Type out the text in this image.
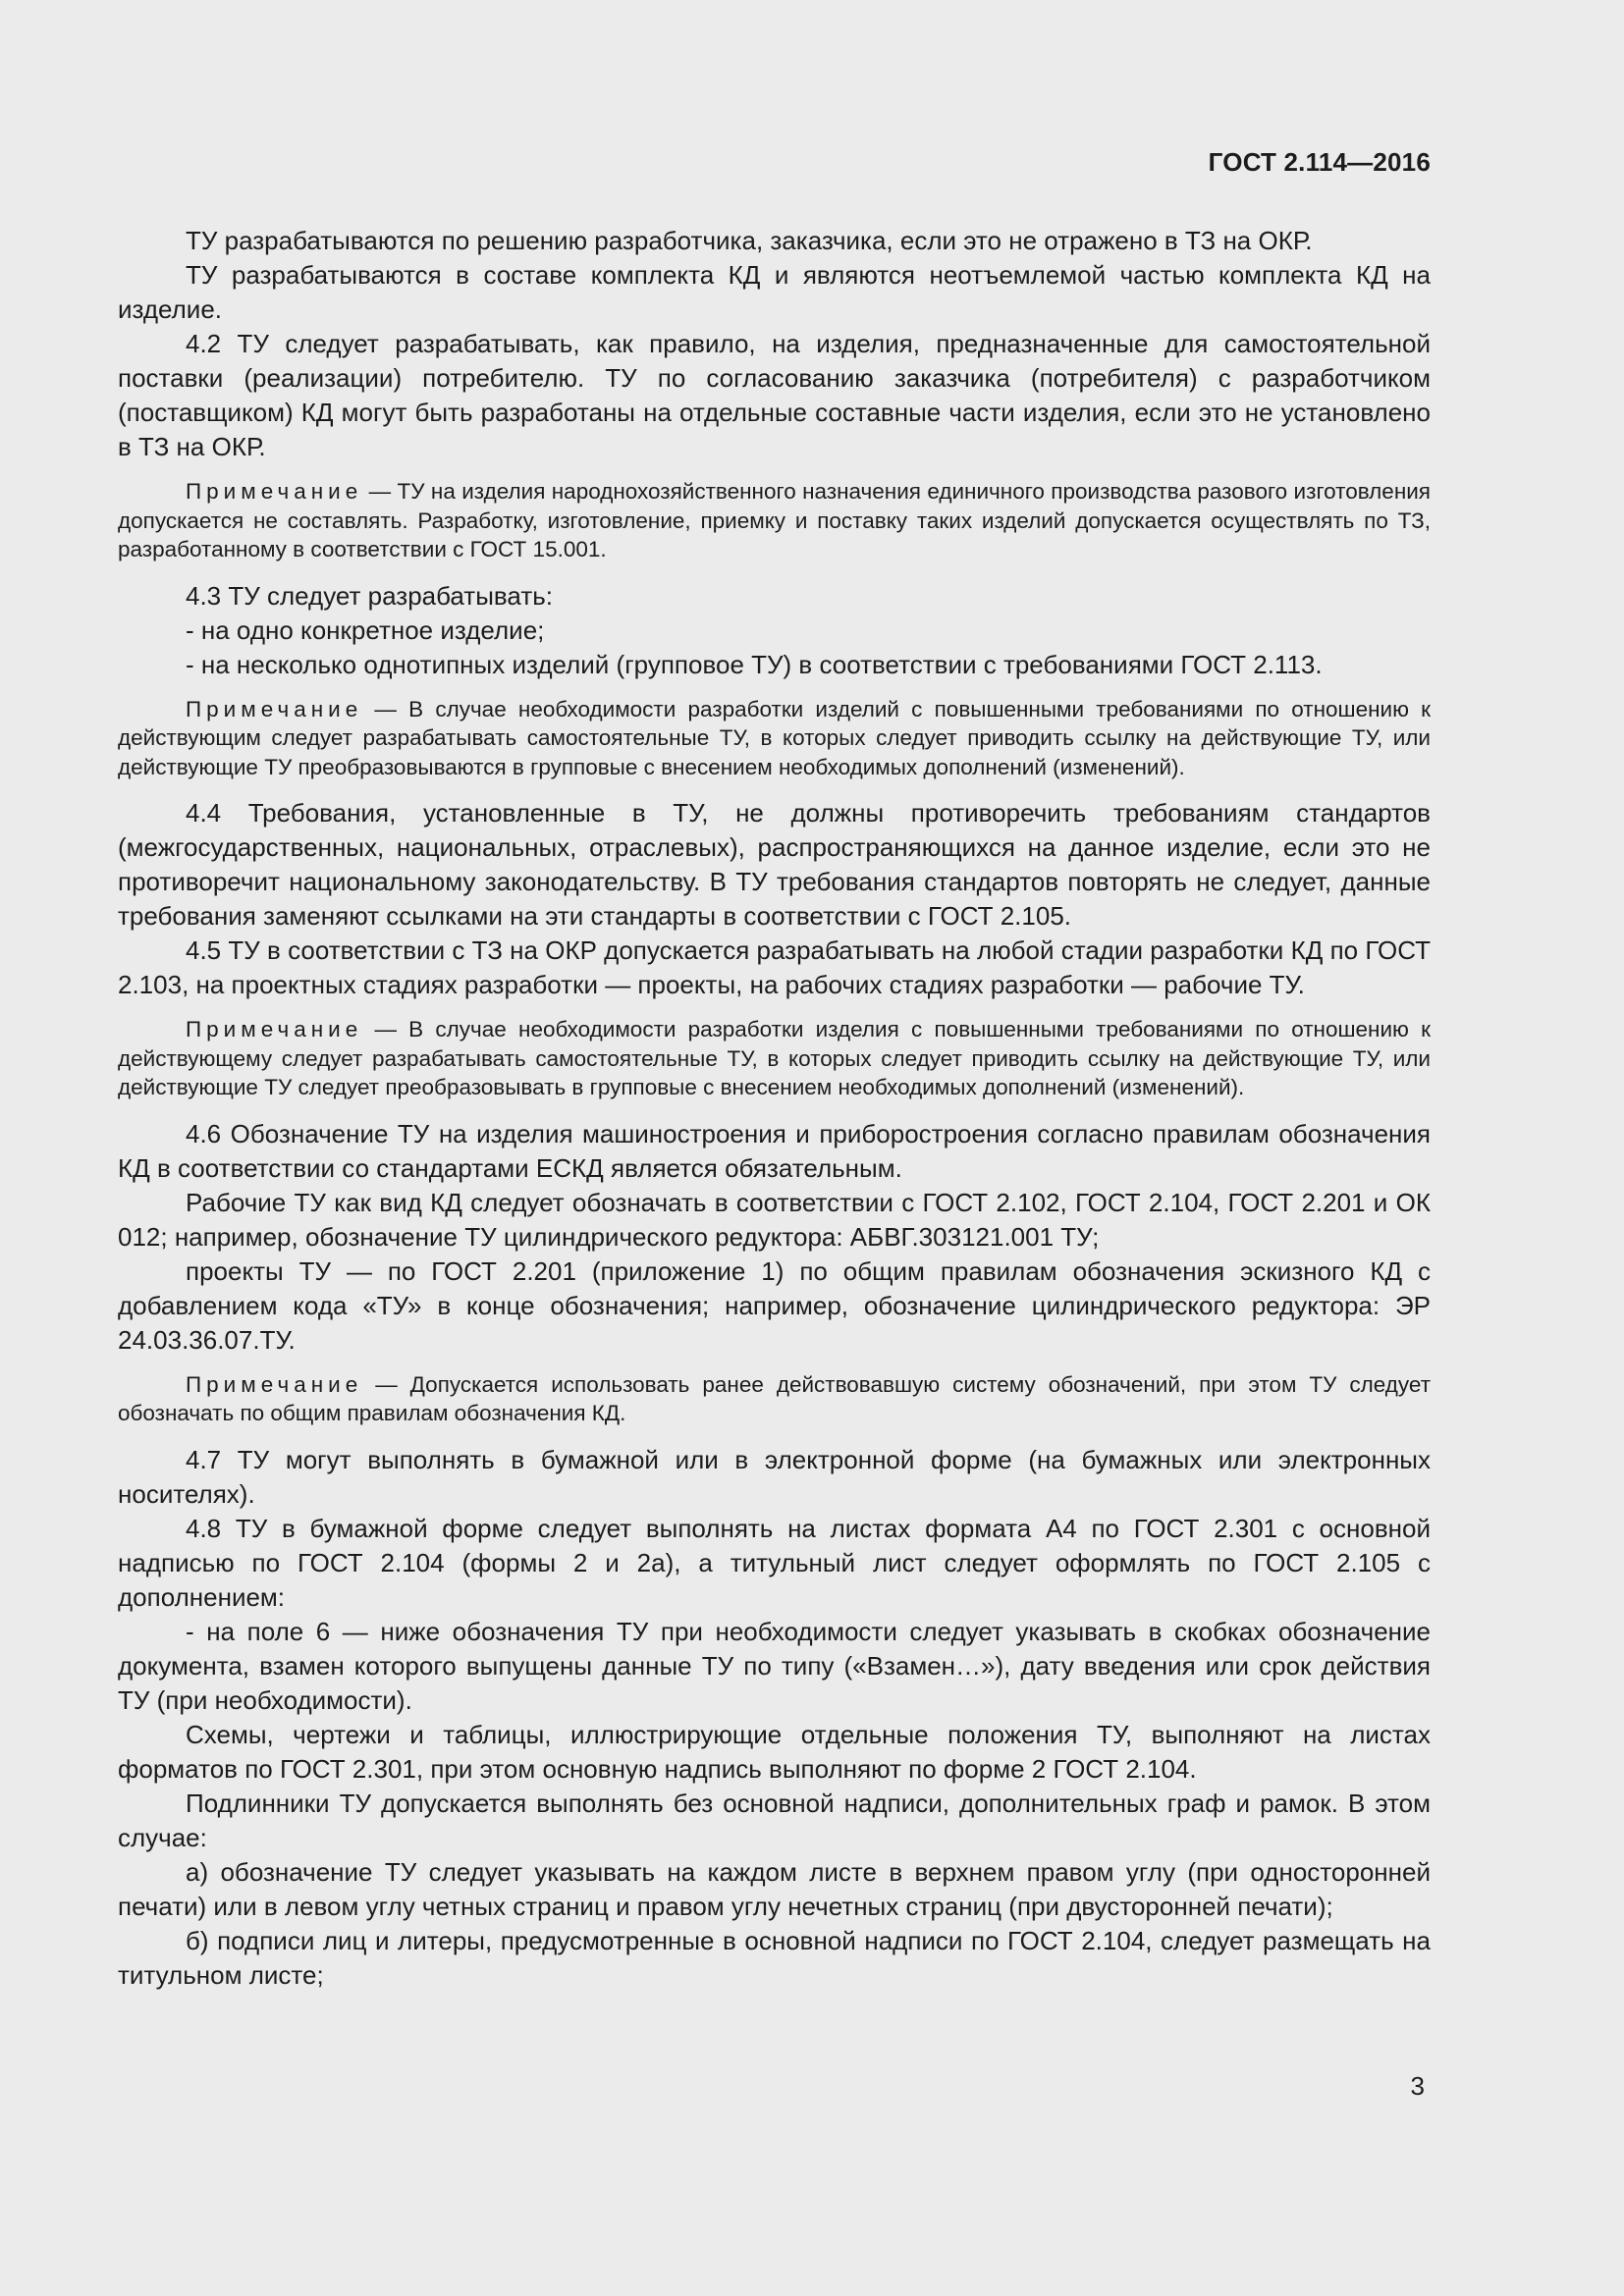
ГОСТ 2.114—2016

ТУ разрабатываются по решению разработчика, заказчика, если это не отражено в ТЗ на ОКР.

ТУ разрабатываются в составе комплекта КД и являются неотъемлемой частью комплекта КД на изделие.

4.2 ТУ следует разрабатывать, как правило, на изделия, предназначенные для самостоятельной поставки (реализации) потребителю. ТУ по согласованию заказчика (потребителя) с разработчиком (поставщиком) КД могут быть разработаны на отдельные составные части изделия, если это не установлено в ТЗ на ОКР.

Примечание — ТУ на изделия народнохозяйственного назначения единичного производства разового изготовления допускается не составлять. Разработку, изготовление, приемку и поставку таких изделий допускается осуществлять по ТЗ, разработанному в соответствии с ГОСТ 15.001.

4.3 ТУ следует разрабатывать:

- на одно конкретное изделие;

- на несколько однотипных изделий (групповое ТУ) в соответствии с требованиями ГОСТ 2.113.

Примечание — В случае необходимости разработки изделий с повышенными требованиями по отношению к действующим следует разрабатывать самостоятельные ТУ, в которых следует приводить ссылку на действующие ТУ, или действующие ТУ преобразовываются в групповые с внесением необходимых дополнений (изменений).

4.4 Требования, установленные в ТУ, не должны противоречить требованиям стандартов (межгосударственных, национальных, отраслевых), распространяющихся на данное изделие, если это не противоречит национальному законодательству. В ТУ требования стандартов повторять не следует, данные требования заменяют ссылками на эти стандарты в соответствии с ГОСТ 2.105.

4.5 ТУ в соответствии с ТЗ на ОКР допускается разрабатывать на любой стадии разработки КД по ГОСТ 2.103, на проектных стадиях разработки — проекты, на рабочих стадиях разработки — рабочие ТУ.

Примечание — В случае необходимости разработки изделия с повышенными требованиями по отношению к действующему следует разрабатывать самостоятельные ТУ, в которых следует приводить ссылку на действующие ТУ, или действующие ТУ следует преобразовывать в групповые с внесением необходимых дополнений (изменений).

4.6 Обозначение ТУ на изделия машиностроения и приборостроения согласно правилам обозначения КД в соответствии со стандартами ЕСКД является обязательным.

Рабочие ТУ как вид КД следует обозначать в соответствии с ГОСТ 2.102, ГОСТ 2.104, ГОСТ 2.201 и ОК 012; например, обозначение ТУ цилиндрического редуктора: АБВГ.303121.001 ТУ;

проекты ТУ — по ГОСТ 2.201 (приложение 1) по общим правилам обозначения эскизного КД с добавлением кода «ТУ» в конце обозначения; например, обозначение цилиндрического редуктора: ЭР 24.03.36.07.ТУ.

Примечание — Допускается использовать ранее действовавшую систему обозначений, при этом ТУ следует обозначать по общим правилам обозначения КД.

4.7 ТУ могут выполнять в бумажной или в электронной форме (на бумажных или электронных носителях).

4.8 ТУ в бумажной форме следует выполнять на листах формата А4 по ГОСТ 2.301 с основной надписью по ГОСТ 2.104 (формы 2 и 2а), а титульный лист следует оформлять по ГОСТ 2.105 с дополнением:

- на поле 6 — ниже обозначения ТУ при необходимости следует указывать в скобках обозначение документа, взамен которого выпущены данные ТУ по типу («Взамен…»), дату введения или срок действия ТУ (при необходимости).

Схемы, чертежи и таблицы, иллюстрирующие отдельные положения ТУ, выполняют на листах форматов по ГОСТ 2.301, при этом основную надпись выполняют по форме 2 ГОСТ 2.104.

Подлинники ТУ допускается выполнять без основной надписи, дополнительных граф и рамок. В этом случае:

а) обозначение ТУ следует указывать на каждом листе в верхнем правом углу (при односторонней печати) или в левом углу четных страниц и правом углу нечетных страниц (при двусторонней печати);

б) подписи лиц и литеры, предусмотренные в основной надписи по ГОСТ 2.104, следует размещать на титульном листе;

3
